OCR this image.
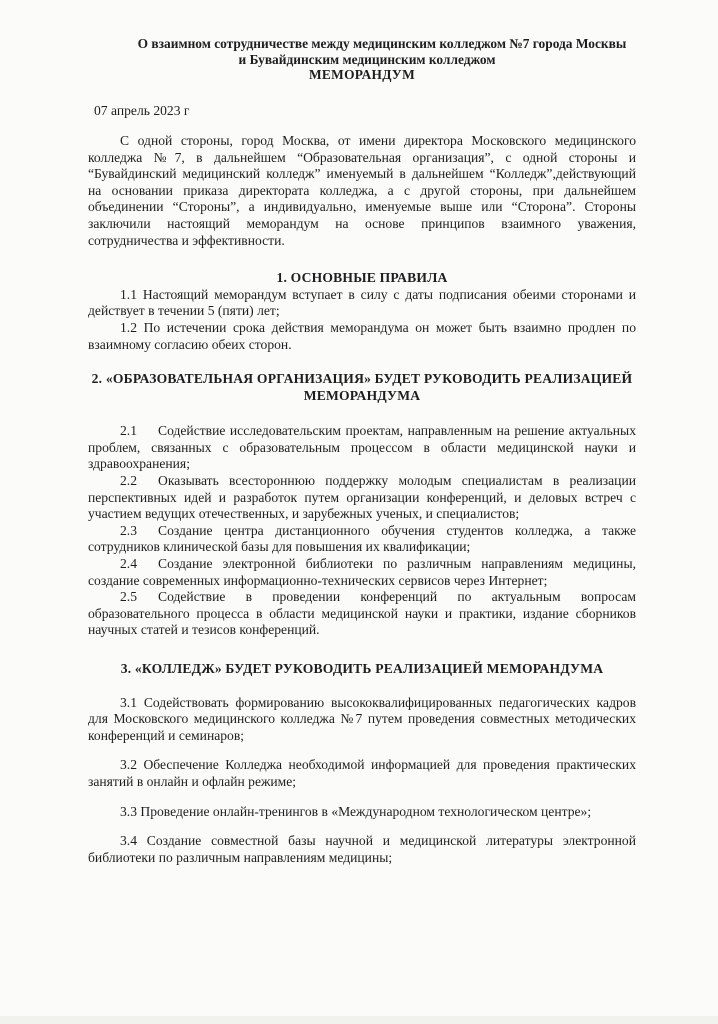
О взаимном сотрудничестве между медицинским колледжом №7 города Москвы
и Бувайдинским медицинским колледжом
МЕМОРАНДУМ
07 апрель 2023 г

С одной стороны, город Москва, от имени директора Московского медицинского колледжа №7, в дальнейшем “Образовательная организация”, с одной стороны и “Бувайдинский медицинский колледж” именуемый в дальнейшем “Колледж”,действующий на основании приказа директората колледжа, а с другой стороны, при дальнейшем объединении “Стороны”, а индивидуально, именуемые выше или “Сторона”. Стороны заключили настоящий меморандум на основе принципов взаимного уважения, сотрудничества и эффективности.

1. ОСНОВНЫЕ ПРАВИЛА

1.1 Настоящий меморандум вступает в силу с даты подписания обеими сторонами и действует в течении 5 (пяти) лет;

1.2 По истечении срока действия меморандума он может быть взаимно продлен по взаимному согласию обеих сторон.

2. «ОБРАЗОВАТЕЛЬНАЯ ОРГАНИЗАЦИЯ» БУДЕТ РУКОВОДИТЬ РЕАЛИЗАЦИЕЙ
МЕМОРАНДУМА

2.1 Содействие исследовательским проектам, направленным на решение актуальных проблем, связанных с образовательным процессом в области медицинской науки и здравоохранения;

2.2 Оказывать всестороннюю поддержку молодым специалистам в реализации перспективных идей и разработок путем организации конференций, и деловых встреч с участием ведущих отечественных, и зарубежных ученых, и специалистов;

2.3 Создание центра дистанционного обучения студентов колледжа, а также сотрудников клинической базы для повышения их квалификации;

2.4 Создание электронной библиотеки по различным направлениям медицины, создание современных информационно-технических сервисов через Интернет;

2.5 Содействие в проведении конференций по актуальным вопросам образовательного процесса в области медицинской науки и практики, издание сборников научных статей и тезисов конференций.

3. «КОЛЛЕДЖ» БУДЕТ РУКОВОДИТЬ РЕАЛИЗАЦИЕЙ МЕМОРАНДУМА

3.1 Содействовать формированию высококвалифицированных педагогических кадров для Московского медицинского колледжа №7 путем проведения совместных методических конференций и семинаров;

3.2 Обеспечение Колледжа необходимой информацией для проведения практических занятий в онлайн и офлайн режиме;

3.3 Проведение онлайн-тренингов в «Международном технологическом центре»;

3.4 Создание совместной базы научной и медицинской литературы электронной библиотеки по различным направлениям медицины;
